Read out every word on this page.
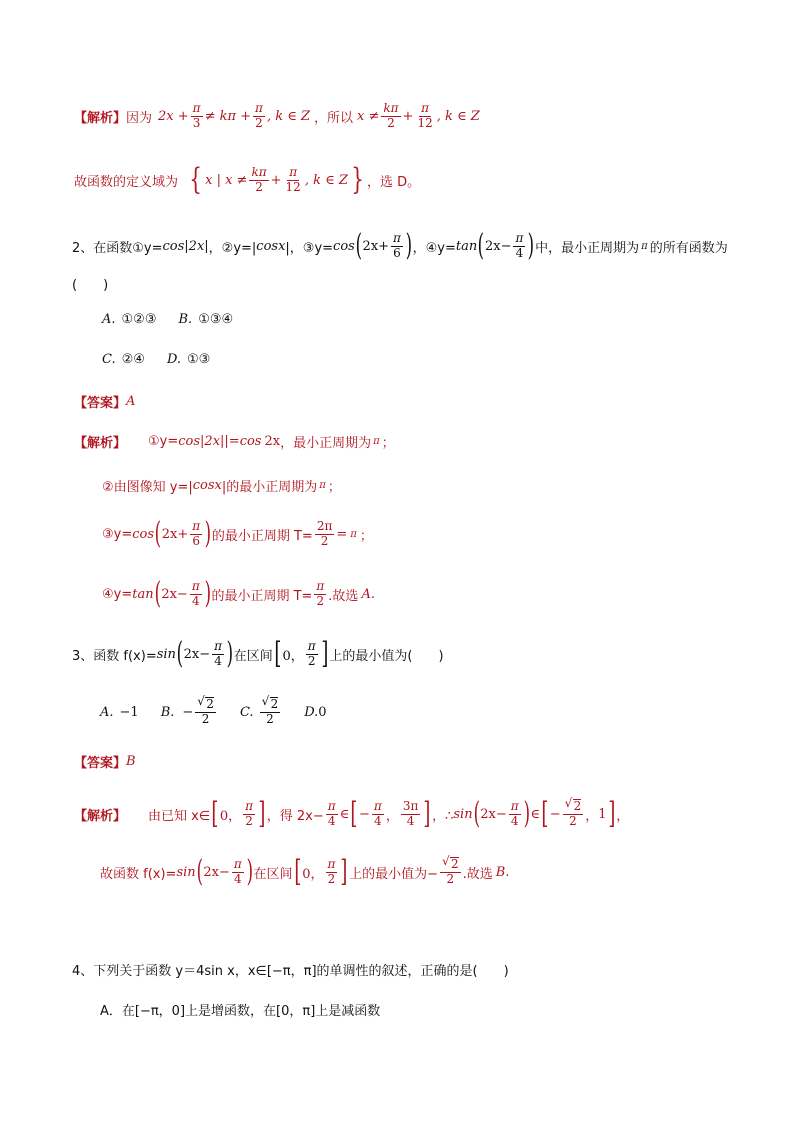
【解析】 因为 $2x + \frac{\pi}{3} \ne k\pi + \frac{\pi}{2}$ , k ∈ Z ，所以 $x \ne \frac{k\pi}{2} + \frac{\pi}{12}$ , k ∈ Z
故函数的定义域为 { x | $x \ne \frac{k\pi}{2} + \frac{\pi}{12}$ , k ∈ Z } ，选 D。
2、在函数①y= cos|2x| ，②y=| cosx |，③y= cos ( $2x+ \frac{\pi}{6}$ ) ，④y= tan ( $2x- \frac{\pi}{4}$ ) 中，最小正周期为 π 的所有函数为
(　　)
A. ①②③ B. ①③④
C. ②④ D. ①③
【答案】 A
【解析】 ①y= cos|2x| |= cos 2x ，最小正周期为 π ；
②由图像知 y=| cosx |的最小正周期为 π ；
③y= cos ( $2x+ \frac{\pi}{6}$ ) 的最小正周期 $T= \frac{2\pi}{2} = \pi$ ；
④y= tan ( $2x- \frac{\pi}{4}$ ) 的最小正周期 $T= \frac{\pi}{2}$ .故选 A.
3、函数 f(x)= sin ( $2x- \frac{\pi}{4}$ ) 在区间 [ 0， $\frac{\pi}{2}$ ] 上的最小值为(　　)
A. −1 B. − √ $\frac{2}{2} C$. √ $\frac{2}{2} D$. 0
【答案】 B
【解析】 由已知 x∈ [ 0， $\frac{\pi}{2}$ ] ，得 $2x- \frac{\pi}{4}$ ∈ [ − $\frac{\pi}{4}$ ， $\frac{3\pi}{4}$ ] ，∴ sin ( $2x- \frac{\pi}{4}$ ) ∈ [ − √ $\frac{2}{2}$ ， 1 ] ，
故函数 f(x)= sin ( $2x- \frac{\pi}{4}$ ) 在区间 [ 0， $\frac{\pi}{2}$ ] 上的最小值为− √ $\frac{2}{2}$ .故选 B.
4、下列关于函数 y＝4sin x，x∈[−π，π]的单调性的叙述，正确的是(　　)
A．在[−π，0]上是增函数，在[0，π]上是减函数
